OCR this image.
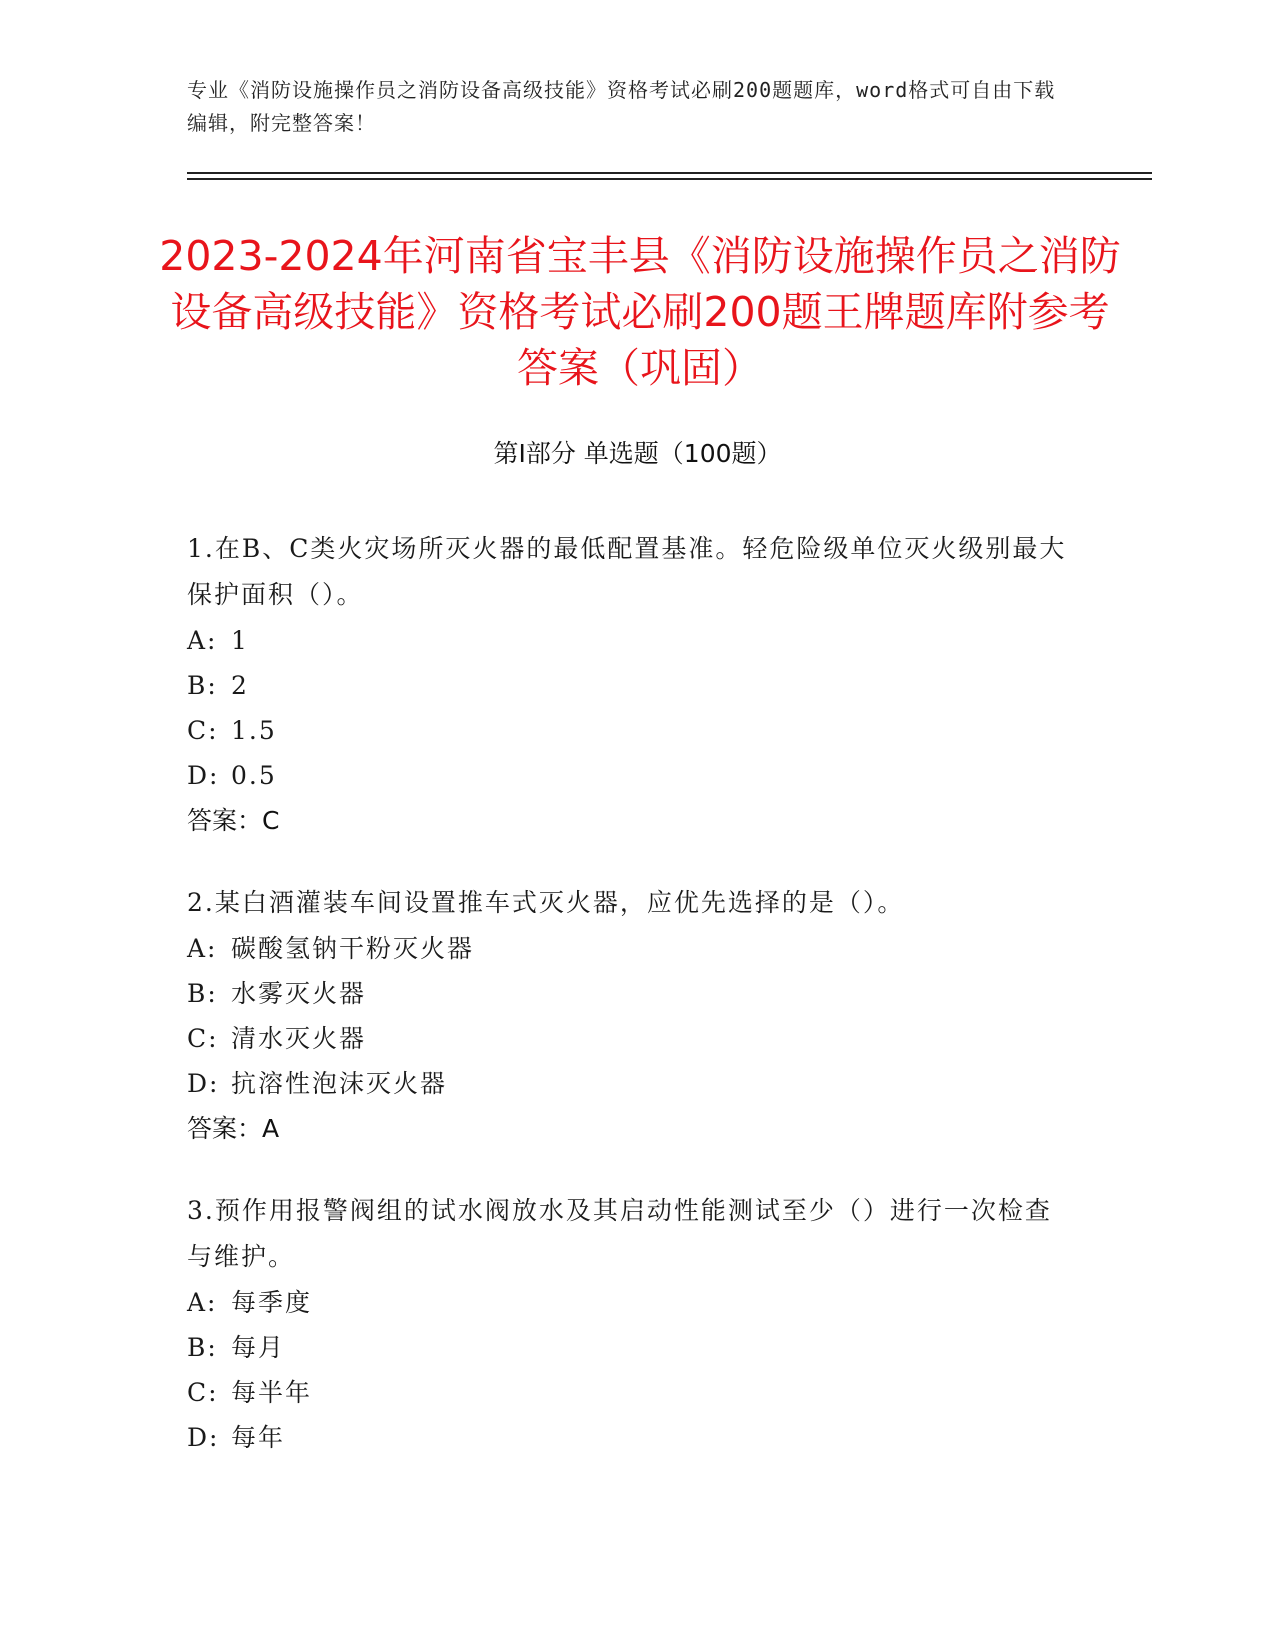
专业《消防设施操作员之消防设备高级技能》资格考试必刷200题题库，word格式可自由下载编辑，附完整答案！
2023-2024年河南省宝丰县《消防设施操作员之消防设备高级技能》资格考试必刷200题王牌题库附参考答案（巩固）
第Ⅰ部分 单选题（100题）
1.在B、C类火灾场所灭火器的最低配置基准。轻危险级单位灭火级别最大保护面积（）。
A: 1
B: 2
C: 1.5
D: 0.5
答案：C
2.某白酒灌装车间设置推车式灭火器，应优先选择的是（）。
A: 碳酸氢钠干粉灭火器
B: 水雾灭火器
C: 清水灭火器
D: 抗溶性泡沫灭火器
答案：A
3.预作用报警阀组的试水阀放水及其启动性能测试至少（）进行一次检查与维护。
A: 每季度
B: 每月
C: 每半年
D: 每年
